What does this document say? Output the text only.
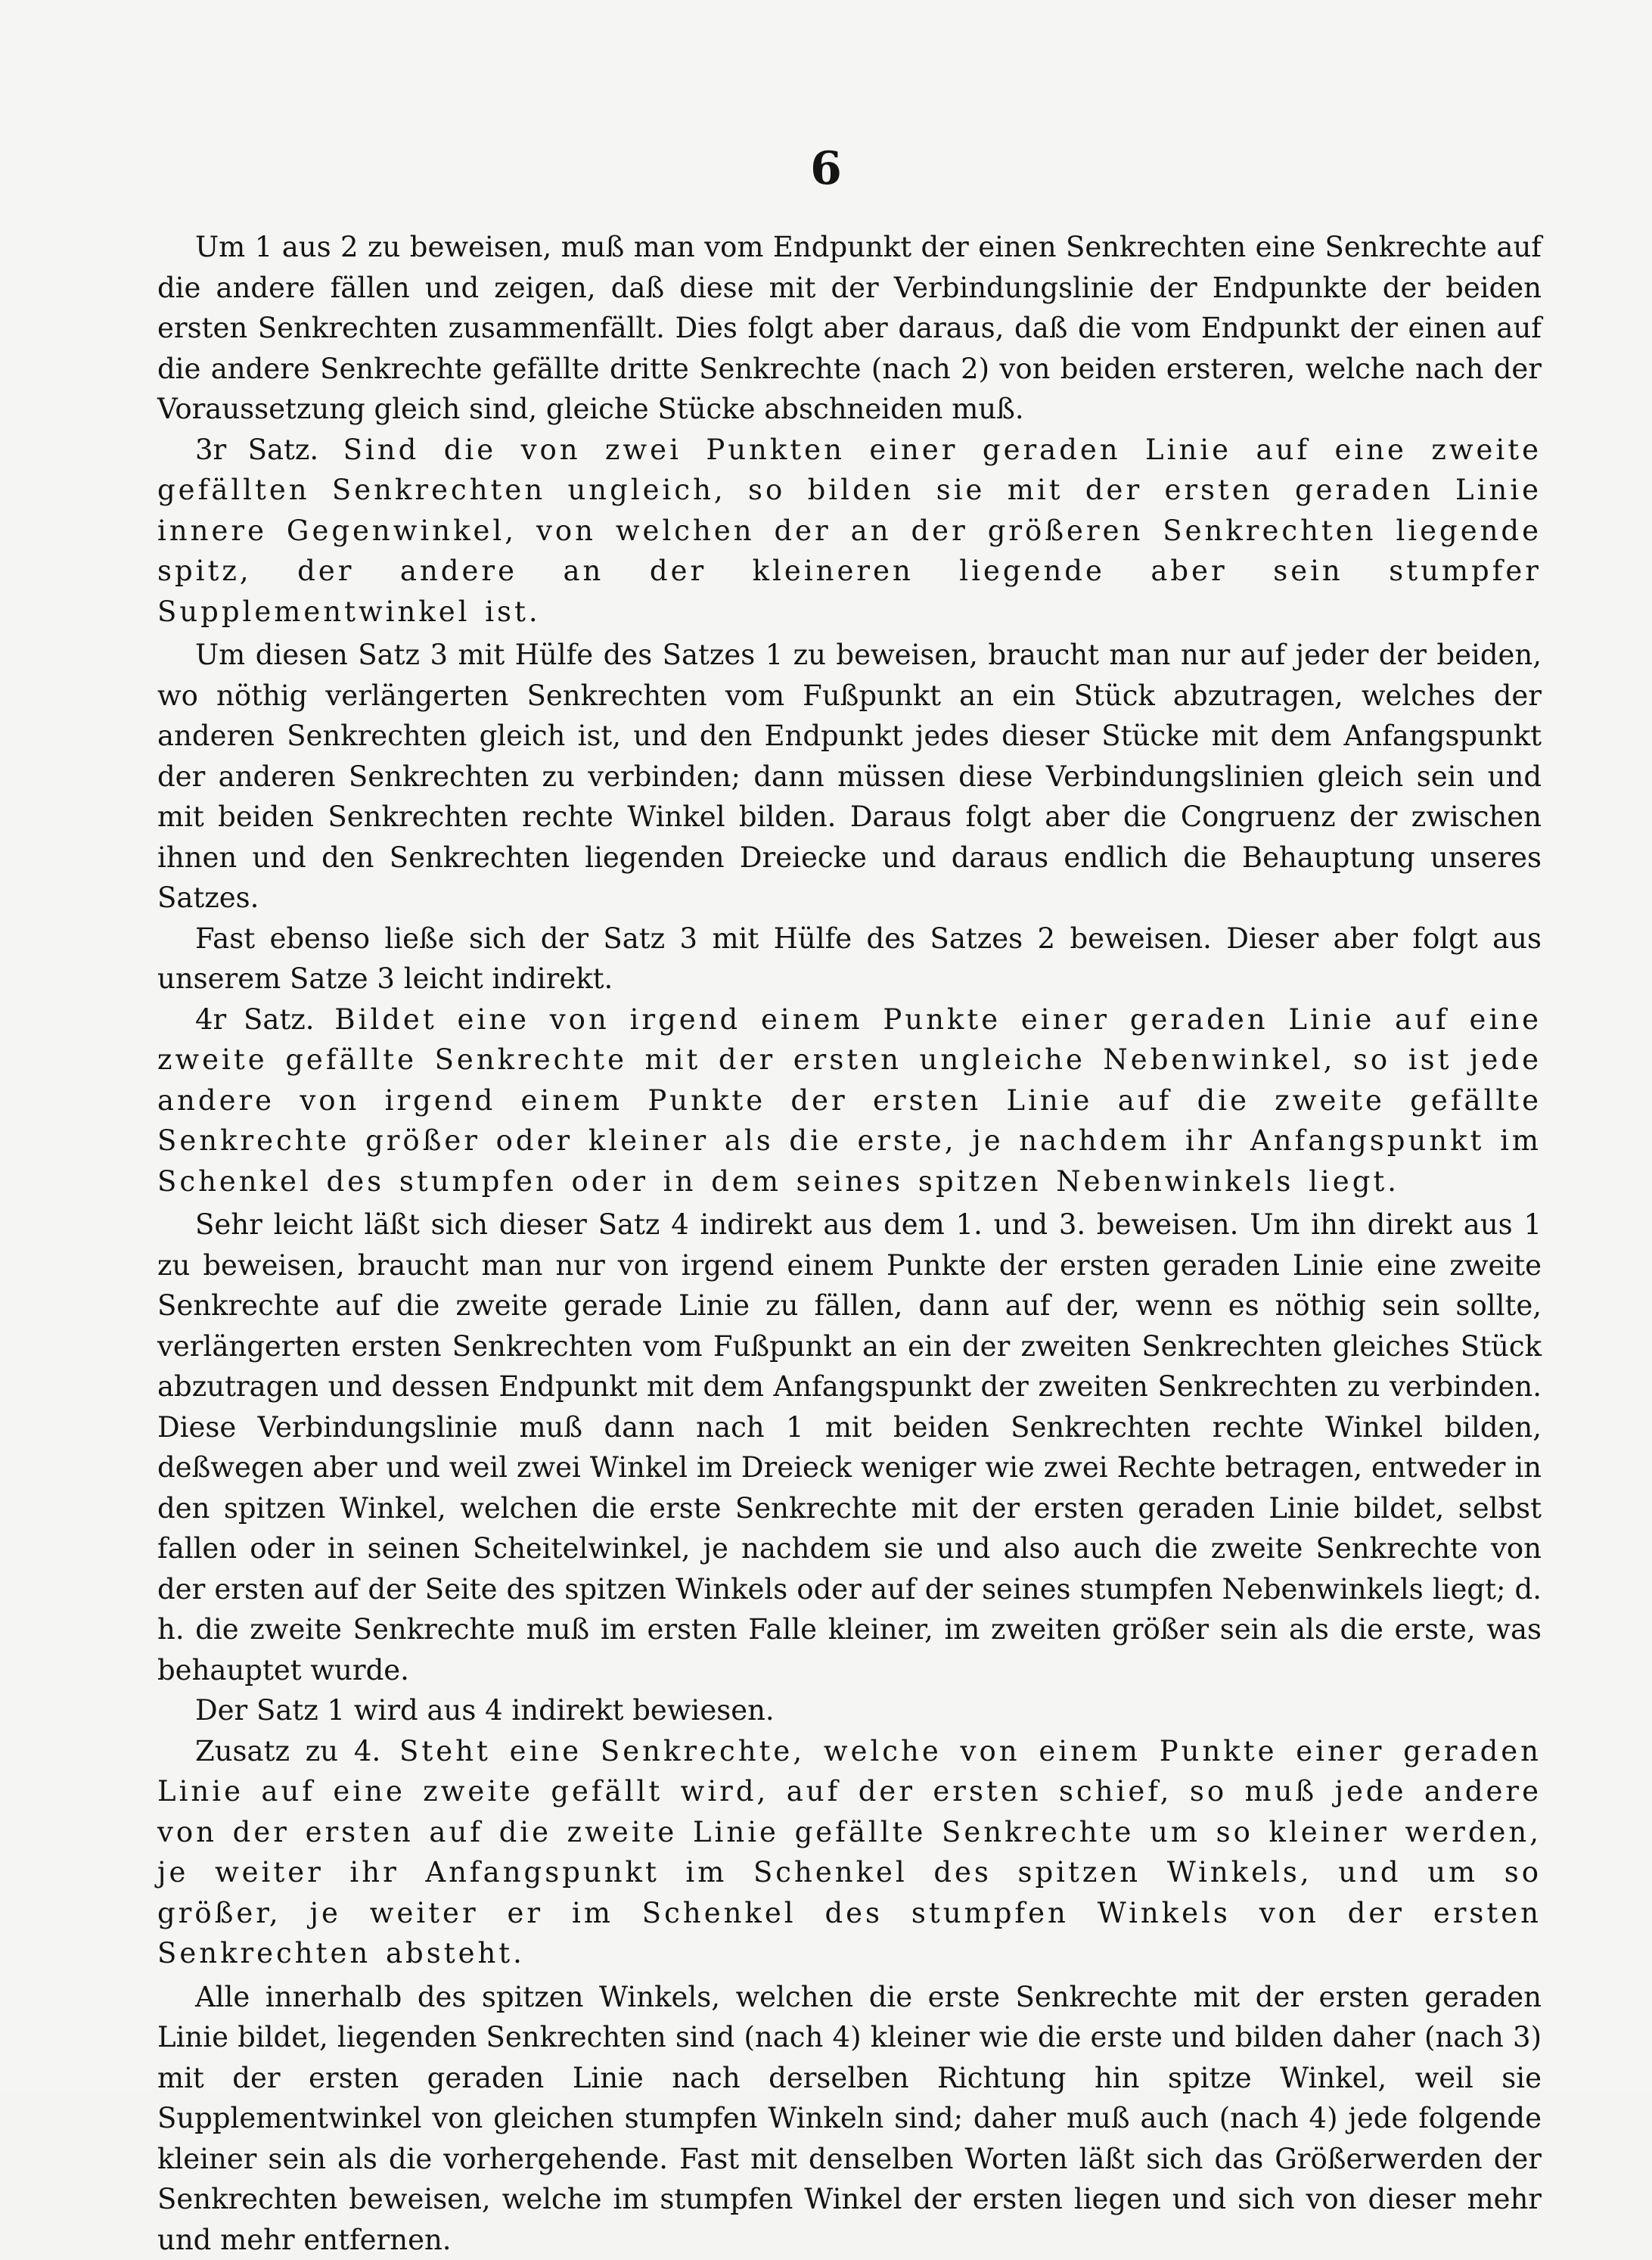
6

Um 1 aus 2 zu beweisen, muß man vom Endpunkt der einen Senkrechten eine Senkrechte auf die andere fällen und zeigen, daß diese mit der Verbindungslinie der Endpunkte der beiden ersten Senkrechten zusammenfällt. Dies folgt aber daraus, daß die vom Endpunkt der einen auf die andere Senkrechte gefällte dritte Senkrechte (nach 2) von beiden ersteren, welche nach der Voraussetzung gleich sind, gleiche Stücke abschneiden muß.

3r Satz. Sind die von zwei Punkten einer geraden Linie auf eine zweite gefällten Senkrechten ungleich, so bilden sie mit der ersten geraden Linie innere Gegenwinkel, von welchen der an der größeren Senkrechten liegende spitz, der andere an der kleineren liegende aber sein stumpfer Supplementwinkel ist.

Um diesen Satz 3 mit Hülfe des Satzes 1 zu beweisen, braucht man nur auf jeder der beiden, wo nöthig verlängerten Senkrechten vom Fußpunkt an ein Stück abzutragen, welches der anderen Senkrechten gleich ist, und den Endpunkt jedes dieser Stücke mit dem Anfangspunkt der anderen Senkrechten zu verbinden; dann müssen diese Verbindungslinien gleich sein und mit beiden Senkrechten rechte Winkel bilden. Daraus folgt aber die Congruenz der zwischen ihnen und den Senkrechten liegenden Dreiecke und daraus endlich die Behauptung unseres Satzes.

Fast ebenso ließe sich der Satz 3 mit Hülfe des Satzes 2 beweisen. Dieser aber folgt aus unserem Satze 3 leicht indirekt.

4r Satz. Bildet eine von irgend einem Punkte einer geraden Linie auf eine zweite gefällte Senkrechte mit der ersten ungleiche Nebenwinkel, so ist jede andere von irgend einem Punkte der ersten Linie auf die zweite gefällte Senkrechte größer oder kleiner als die erste, je nachdem ihr Anfangspunkt im Schenkel des stumpfen oder in dem seines spitzen Nebenwinkels liegt.

Sehr leicht läßt sich dieser Satz 4 indirekt aus dem 1. und 3. beweisen. Um ihn direkt aus 1 zu beweisen, braucht man nur von irgend einem Punkte der ersten geraden Linie eine zweite Senkrechte auf die zweite gerade Linie zu fällen, dann auf der, wenn es nöthig sein sollte, verlängerten ersten Senkrechten vom Fußpunkt an ein der zweiten Senkrechten gleiches Stück abzutragen und dessen Endpunkt mit dem Anfangspunkt der zweiten Senkrechten zu verbinden. Diese Verbindungslinie muß dann nach 1 mit beiden Senkrechten rechte Winkel bilden, deßwegen aber und weil zwei Winkel im Dreieck weniger wie zwei Rechte betragen, entweder in den spitzen Winkel, welchen die erste Senkrechte mit der ersten geraden Linie bildet, selbst fallen oder in seinen Scheitelwinkel, je nachdem sie und also auch die zweite Senkrechte von der ersten auf der Seite des spitzen Winkels oder auf der seines stumpfen Nebenwinkels liegt; d. h. die zweite Senkrechte muß im ersten Falle kleiner, im zweiten größer sein als die erste, was behauptet wurde.

Der Satz 1 wird aus 4 indirekt bewiesen.

Zusatz zu 4. Steht eine Senkrechte, welche von einem Punkte einer geraden Linie auf eine zweite gefällt wird, auf der ersten schief, so muß jede andere von der ersten auf die zweite Linie gefällte Senkrechte um so kleiner werden, je weiter ihr Anfangspunkt im Schenkel des spitzen Winkels, und um so größer, je weiter er im Schenkel des stumpfen Winkels von der ersten Senkrechten absteht.

Alle innerhalb des spitzen Winkels, welchen die erste Senkrechte mit der ersten geraden Linie bildet, liegenden Senkrechten sind (nach 4) kleiner wie die erste und bilden daher (nach 3) mit der ersten geraden Linie nach derselben Richtung hin spitze Winkel, weil sie Supplementwinkel von gleichen stumpfen Winkeln sind; daher muß auch (nach 4) jede folgende kleiner sein als die vorhergehende. Fast mit denselben Worten läßt sich das Größerwerden der Senkrechten beweisen, welche im stumpfen Winkel der ersten liegen und sich von dieser mehr und mehr entfernen.
